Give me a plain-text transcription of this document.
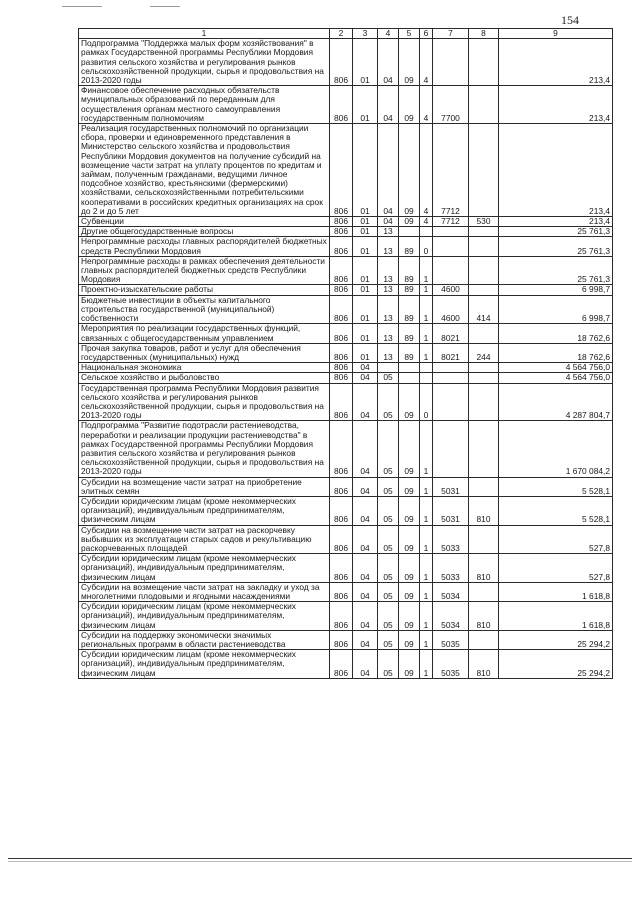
154
1	2	3	4	5	6	7	8	9
Подпрограмма "Поддержка малых форм хозяйствования" в рамках Государственной программы Республики Мордовия развития сельского хозяйства и регулирования рынков сельскохозяйственной продукции, сырья и продовольствия на 2013-2020 годы	806	01	04	09	4			213,4
Финансовое обеспечение расходных обязательств муниципальных образований по переданным для осуществления органам местного самоуправления государственным полномочиям	806	01	04	09	4	7700		213,4
Реализация государственных полномочий по организации сбора, проверки и единовременного представления в Министерство сельского хозяйства и продовольствия Республики Мордовия документов на получение субсидий на возмещение части затрат на уплату процентов по кредитам и займам, полученным гражданами, ведущими личное подсобное хозяйство, крестьянскими (фермерскими) хозяйствами, сельскохозяйственными потребительскими кооперативами в российских кредитных организациях на срок до 2 и до 5 лет	806	01	04	09	4	7712		213,4
Субвенции	806	01	04	09	4	7712	530	213,4
Другие общегосударственные вопросы	806	01	13					25 761,3
Непрограммные расходы главных распорядителей бюджетных средств Республики Мордовия	806	01	13	89	0			25 761,3
Непрограммные расходы в рамках обеспечения деятельности главных распорядителей бюджетных средств Республики Мордовия	806	01	13	89	1			25 761,3
Проектно-изыскательские работы	806	01	13	89	1	4600		6 998,7
Бюджетные инвестиции в объекты капитального строительства государственной (муниципальной) собственности	806	01	13	89	1	4600	414	6 998,7
Мероприятия по реализации государственных функций, связанных с общегосударственным управлением	806	01	13	89	1	8021		18 762,6
Прочая закупка товаров, работ и услуг для обеспечения государственных (муниципальных) нужд	806	01	13	89	1	8021	244	18 762,6
Национальная экономика	806	04						4 564 756,0
Сельское хозяйство и рыболовство	806	04	05					4 564 756,0
Государственная программа Республики Мордовия развития сельского хозяйства и регулирования рынков сельскохозяйственной продукции, сырья и продовольствия на 2013-2020 годы	806	04	05	09	0			4 287 804,7
Подпрограмма "Развитие подотрасли растениеводства, переработки и реализации продукции растениеводства" в рамках Государственной программы Республики Мордовия развития сельского хозяйства и регулирования рынков сельскохозяйственной продукции, сырья и продовольствия на 2013-2020 годы	806	04	05	09	1			1 670 084,2
Субсидии на возмещение части затрат на приобретение элитных семян	806	04	05	09	1	5031		5 528,1
Субсидии юридическим лицам (кроме некоммерческих организаций), индивидуальным предпринимателям, физическим лицам	806	04	05	09	1	5031	810	5 528,1
Субсидии на возмещение части затрат на раскорчевку выбывших из эксплуатации старых садов и рекультивацию раскорчеванных площадей	806	04	05	09	1	5033		527,8
Субсидии юридическим лицам (кроме некоммерческих организаций), индивидуальным предпринимателям, физическим лицам	806	04	05	09	1	5033	810	527,8
Субсидии на возмещение части затрат на закладку и уход за многолетними плодовыми и ягодными насаждениями	806	04	05	09	1	5034		1 618,8
Субсидии юридическим лицам (кроме некоммерческих организаций), индивидуальным предпринимателям, физическим лицам	806	04	05	09	1	5034	810	1 618,8
Субсидии на поддержку экономически значимых региональных программ в области растениеводства	806	04	05	09	1	5035		25 294,2
Субсидии юридическим лицам (кроме некоммерческих организаций), индивидуальным предпринимателям, физическим лицам	806	04	05	09	1	5035	810	25 294,2
